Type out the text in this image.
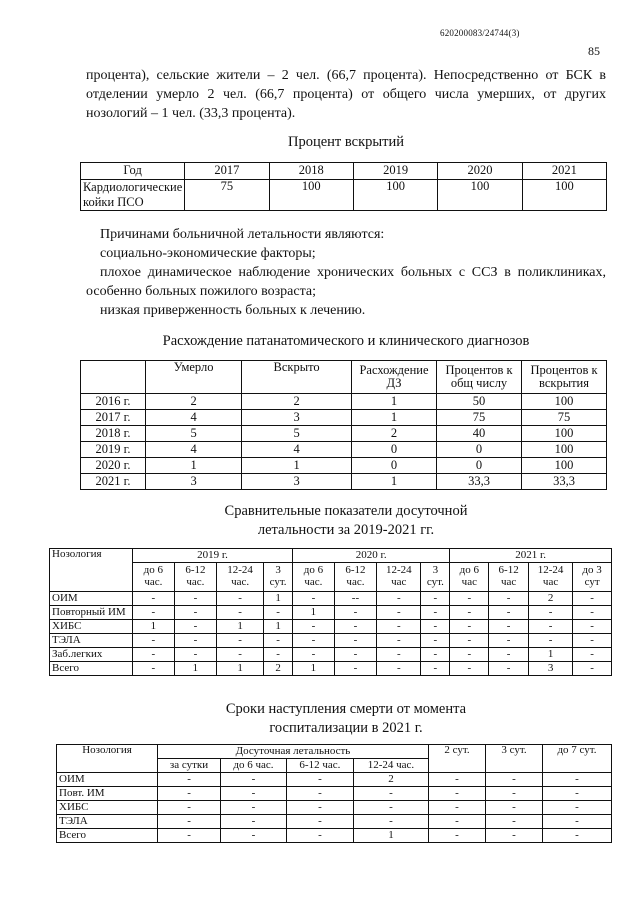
620200083/24744(3)
85
процента), сельские жители – 2 чел. (66,7 процента). Непосредственно от БСК в отделении умерло 2 чел. (66,7 процента) от общего числа умерших, от других нозологий – 1 чел. (33,3 процента).
Процент вскрытий
Год	2017	2018	2019	2020	2021
Кардиологические койки ПСО	75	100	100	100	100
Причинами больничной летальности являются:
социально-экономические факторы;
плохое динамическое наблюдение хронических больных с ССЗ в поликлиниках, особенно больных пожилого возраста;
низкая приверженность больных к лечению.
Расхождение патанатомического и клинического диагнозов
	Умерло	Вскрыто	Расхождение ДЗ	Процентов к общ числу	Процентов к вскрытия
2016 г.	2	2	1	50	100
2017 г.	4	3	1	75	75
2018 г.	5	5	2	40	100
2019 г.	4	4	0	0	100
2020 г.	1	1	0	0	100
2021 г.	3	3	1	33,3	33,3
Сравнительные показатели досуточной
летальности за 2019-2021 гг.
Нозология	2019 г.				2020 г.				2021 г.			
	до 6 час.	6-12 час.	12-24 час.	3 сут.	до 6 час.	6-12 час.	12-24 час	3 сут.	до 6 час	6-12 час	12-24 час	до 3 сут
ОИМ	-	-	-	1	-	--	-	-	-	-	2	-
Повторный ИМ	-	-	-	-	1	-	-	-	-	-	-	-
ХИБС	1	-	1	1	-	-	-	-	-	-	-	-
ТЭЛА	-	-	-	-	-	-	-	-	-	-	-	-
Заб.легких	-	-	-	-	-	-	-	-	-	-	1	-
Всего	-	1	1	2	1	-	-	-	-	-	3	-
Сроки наступления смерти от момента
госпитализации в 2021 г.
Нозология	Досуточная летальность				2 сут.	3 сут.	до 7 сут.
	за сутки	до 6 час.	6-12 час.	12-24 час.			
ОИМ	-	-	-	2	-	-	-
Повт. ИМ	-	-	-	-	-	-	-
ХИБС	-	-	-	-	-	-	-
ТЭЛА	-	-	-	-	-	-	-
Всего	-	-	-	1	-	-	-
